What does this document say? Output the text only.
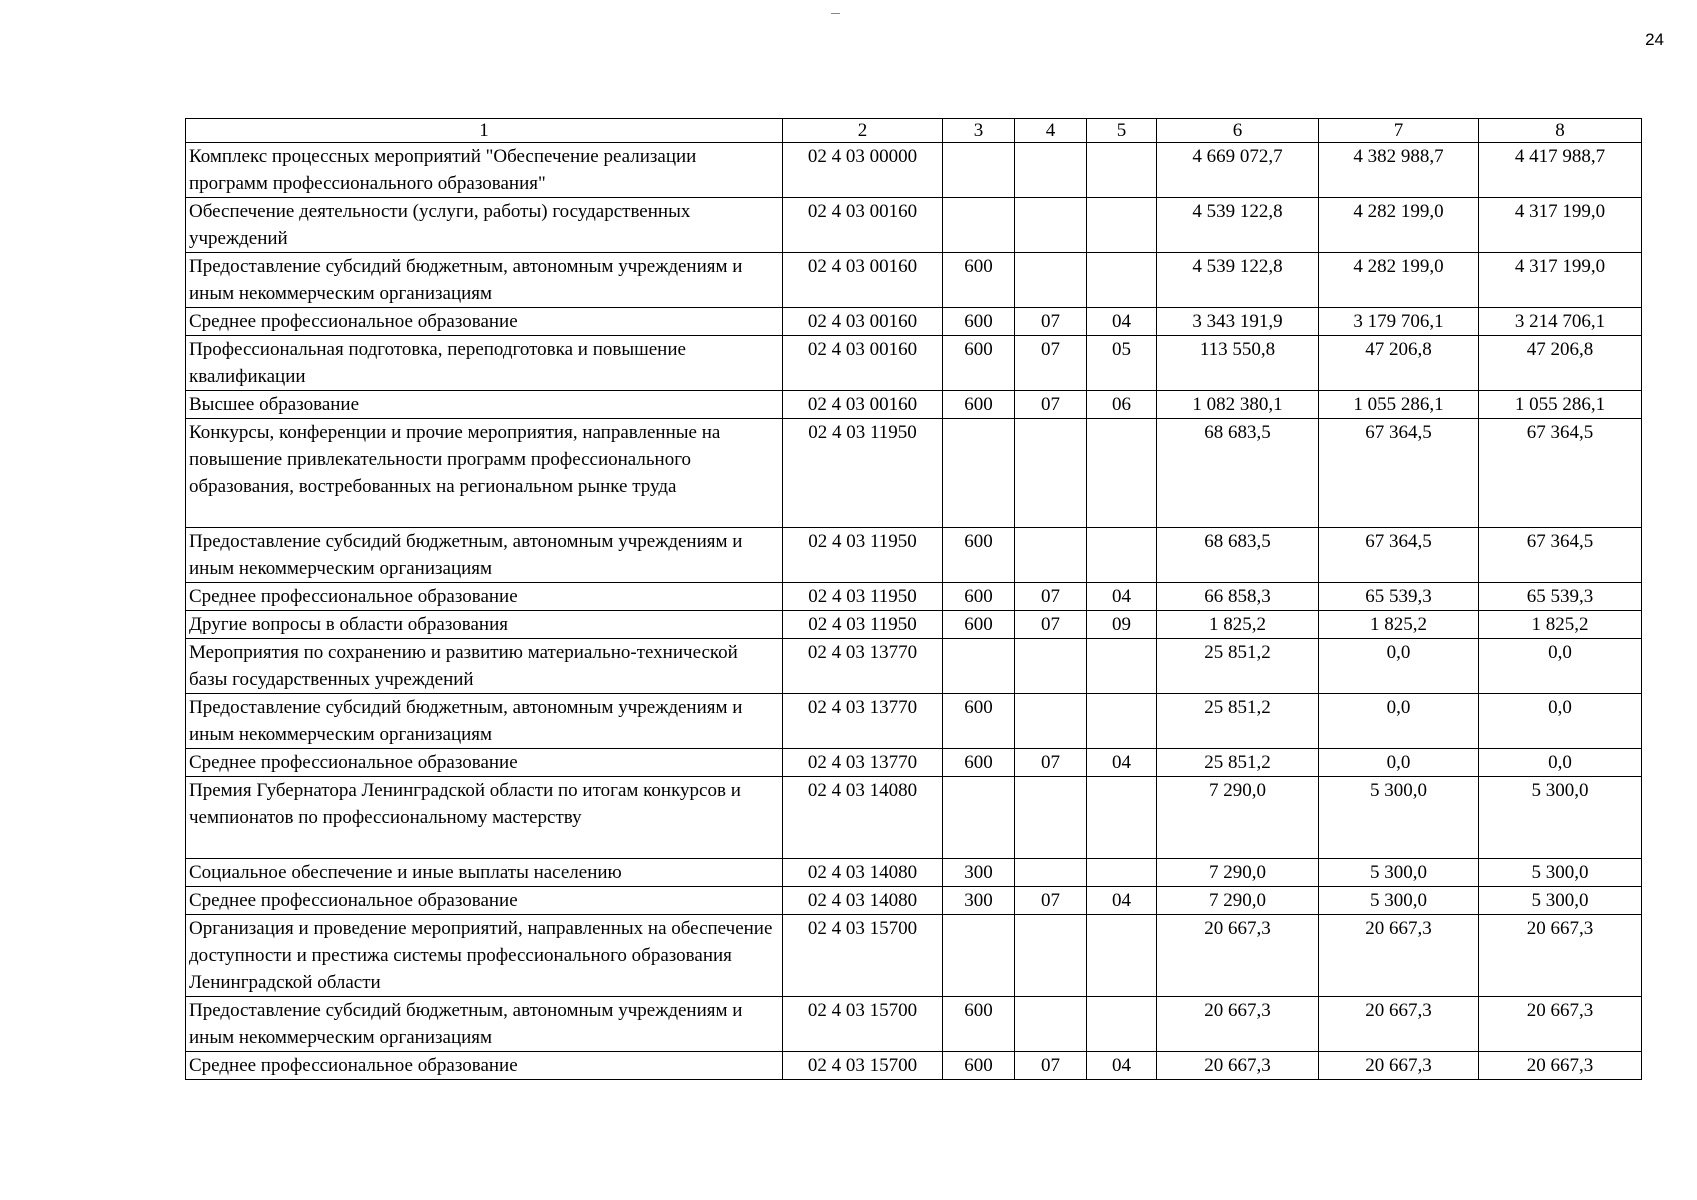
24
1	2	3	4	5	6	7	8
Комплекс процессных мероприятий "Обеспечение реализации программ профессионального образования"	02 4 03 00000				4 669 072,7	4 382 988,7	4 417 988,7
Обеспечение деятельности (услуги, работы) государственных учреждений	02 4 03 00160				4 539 122,8	4 282 199,0	4 317 199,0
Предоставление субсидий бюджетным, автономным учреждениям и иным некоммерческим организациям	02 4 03 00160	600			4 539 122,8	4 282 199,0	4 317 199,0
Среднее профессиональное образование	02 4 03 00160	600	07	04	3 343 191,9	3 179 706,1	3 214 706,1
Профессиональная подготовка, переподготовка и повышение квалификации	02 4 03 00160	600	07	05	113 550,8	47 206,8	47 206,8
Высшее образование	02 4 03 00160	600	07	06	1 082 380,1	1 055 286,1	1 055 286,1
Конкурсы, конференции и прочие мероприятия, направленные на повышение привлекательности программ профессионального образования, востребованных на региональном рынке труда	02 4 03 11950				68 683,5	67 364,5	67 364,5
Предоставление субсидий бюджетным, автономным учреждениям и иным некоммерческим организациям	02 4 03 11950	600			68 683,5	67 364,5	67 364,5
Среднее профессиональное образование	02 4 03 11950	600	07	04	66 858,3	65 539,3	65 539,3
Другие вопросы в области образования	02 4 03 11950	600	07	09	1 825,2	1 825,2	1 825,2
Мероприятия по сохранению и развитию материально-технической базы государственных учреждений	02 4 03 13770				25 851,2	0,0	0,0
Предоставление субсидий бюджетным, автономным учреждениям и иным некоммерческим организациям	02 4 03 13770	600			25 851,2	0,0	0,0
Среднее профессиональное образование	02 4 03 13770	600	07	04	25 851,2	0,0	0,0
Премия Губернатора Ленинградской области по итогам конкурсов и чемпионатов по профессиональному мастерству	02 4 03 14080				7 290,0	5 300,0	5 300,0
Социальное обеспечение и иные выплаты населению	02 4 03 14080	300			7 290,0	5 300,0	5 300,0
Среднее профессиональное образование	02 4 03 14080	300	07	04	7 290,0	5 300,0	5 300,0
Организация и проведение мероприятий, направленных на обеспечение доступности и престижа системы профессионального образования Ленинградской области	02 4 03 15700				20 667,3	20 667,3	20 667,3
Предоставление субсидий бюджетным, автономным учреждениям и иным некоммерческим организациям	02 4 03 15700	600			20 667,3	20 667,3	20 667,3
Среднее профессиональное образование	02 4 03 15700	600	07	04	20 667,3	20 667,3	20 667,3
